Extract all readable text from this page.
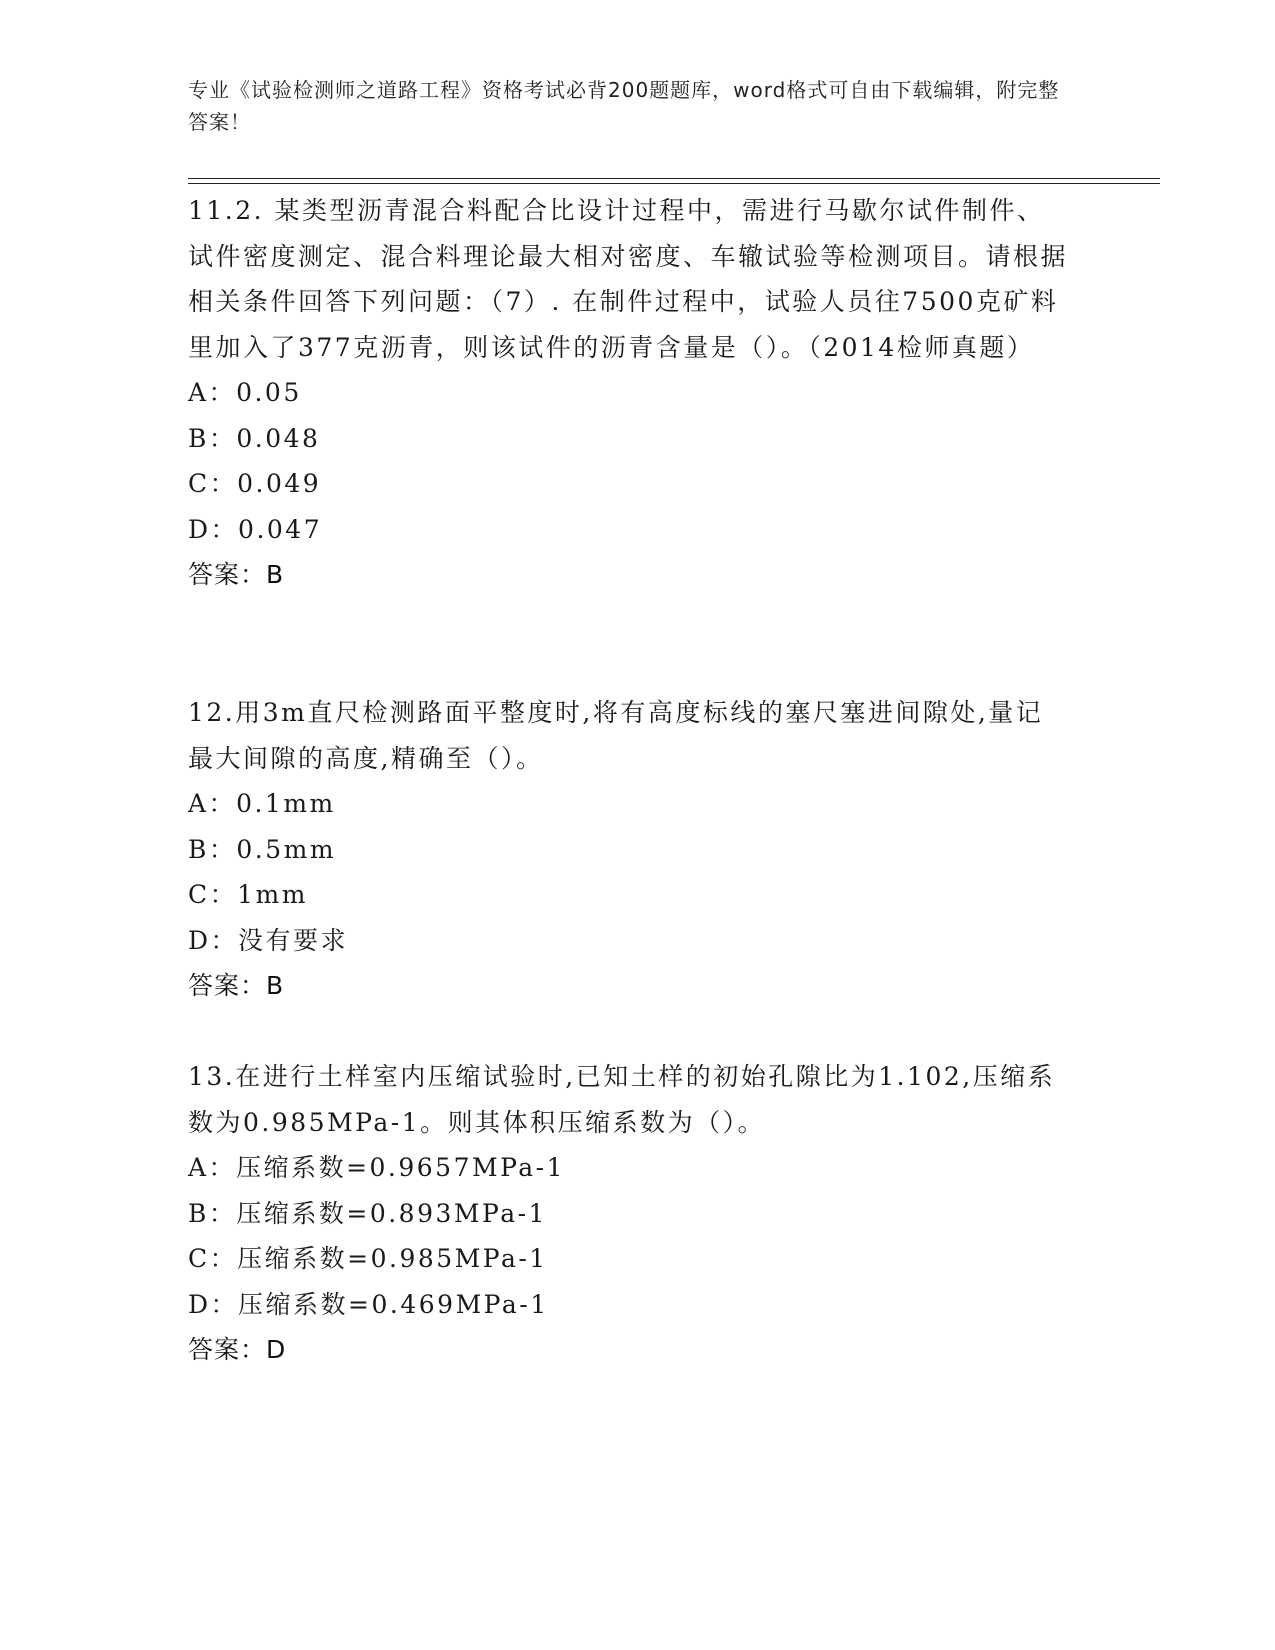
专业《试验检测师之道路工程》资格考试必背200题题库，word格式可自由下载编辑，附完整答案！

11.2. 某类型沥青混合料配合比设计过程中，需进行马歇尔试件制件、试件密度测定、混合料理论最大相对密度、车辙试验等检测项目。请根据相关条件回答下列问题：（7）. 在制件过程中，试验人员往7500克矿料里加入了377克沥青，则该试件的沥青含量是（）。（2014检师真题）

A：0.05

B：0.048

C：0.049

D：0.047

答案：B

12.用3m直尺检测路面平整度时,将有高度标线的塞尺塞进间隙处,量记最大间隙的高度,精确至（）。

A：0.1mm

B：0.5mm

C：1mm

D：没有要求

答案：B

13.在进行土样室内压缩试验时,已知土样的初始孔隙比为1.102,压缩系数为0.985MPa-1。则其体积压缩系数为（）。

A：压缩系数=0.9657MPa-1

B：压缩系数=0.893MPa-1

C：压缩系数=0.985MPa-1

D：压缩系数=0.469MPa-1

答案：D
